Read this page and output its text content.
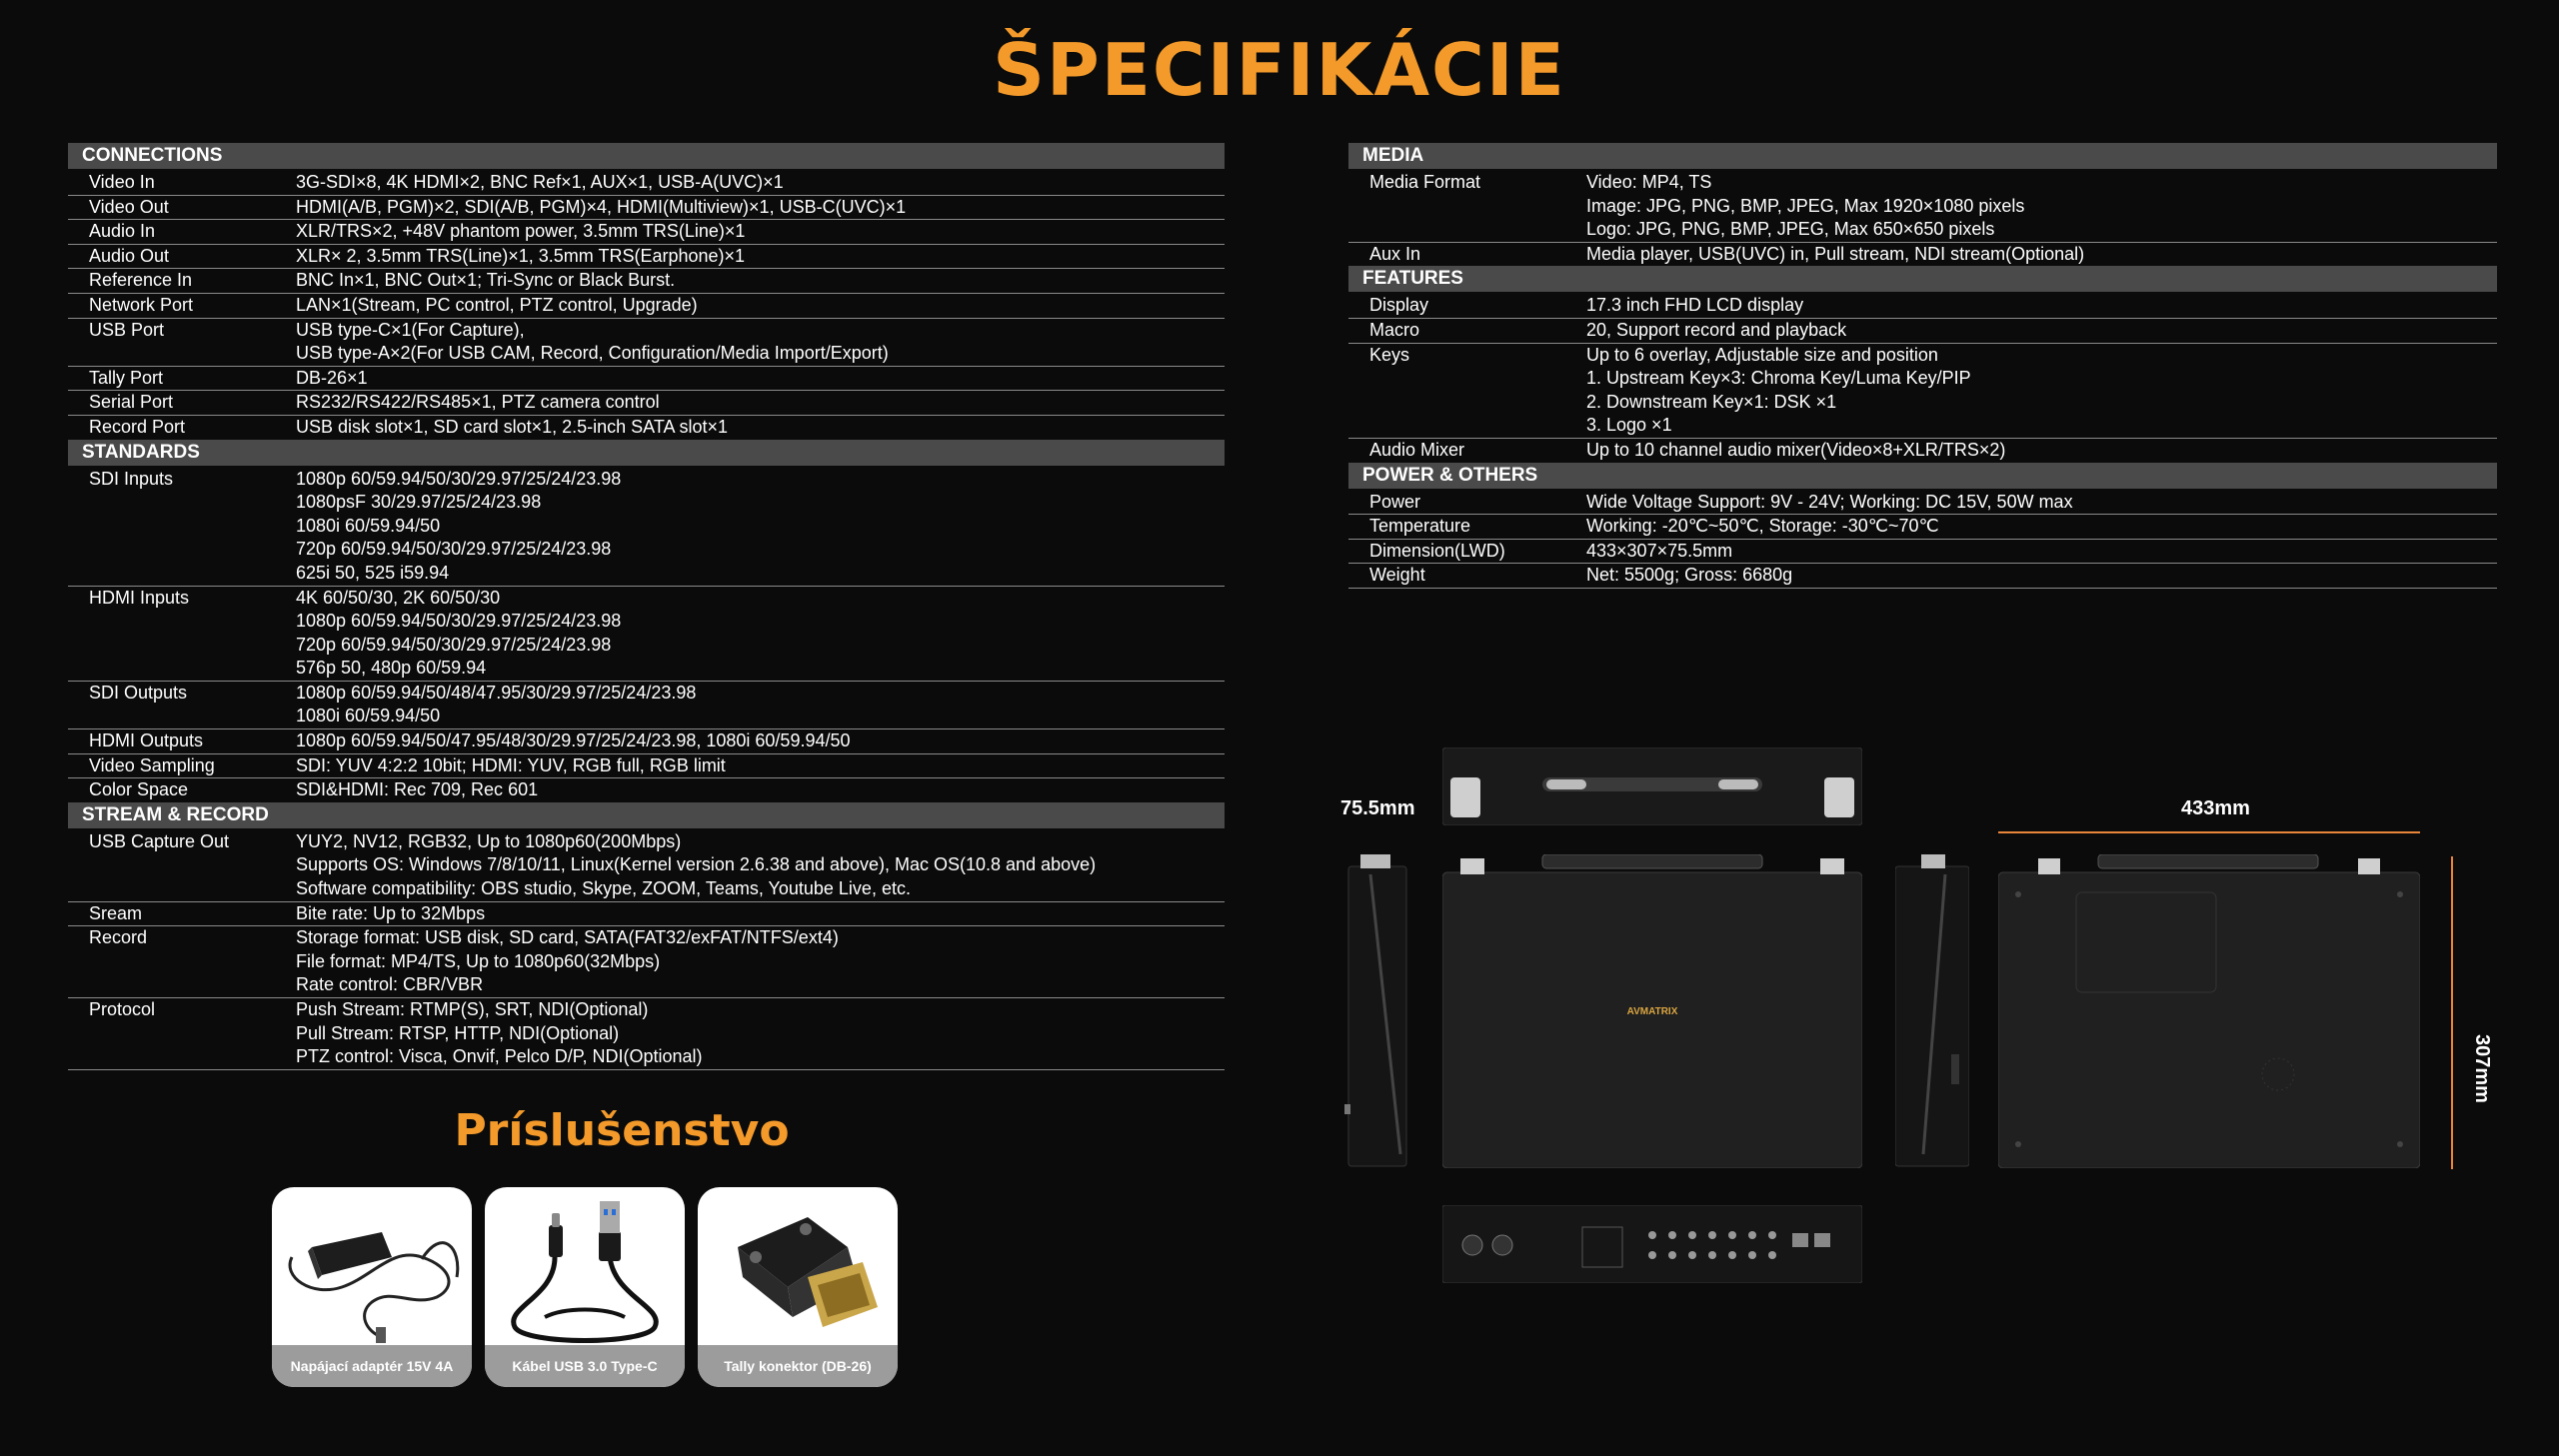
ŠPECIFIKÁCIE
CONNECTIONS
Video In	3G-SDI×8, 4K HDMI×2, BNC Ref×1, AUX×1, USB-A(UVC)×1
Video Out	HDMI(A/B, PGM)×2, SDI(A/B, PGM)×4, HDMI(Multiview)×1, USB-C(UVC)×1
Audio In	XLR/TRS×2, +48V phantom power, 3.5mm TRS(Line)×1
Audio Out	XLR× 2, 3.5mm TRS(Line)×1, 3.5mm TRS(Earphone)×1
Reference In	BNC In×1, BNC Out×1; Tri-Sync or Black Burst.
Network Port	LAN×1(Stream, PC control, PTZ control, Upgrade)
USB Port	USB type-C×1(For Capture),
USB type-A×2(For USB CAM, Record, Configuration/Media Import/Export)
Tally Port	DB-26×1
Serial Port	RS232/RS422/RS485×1, PTZ camera control
Record Port	USB disk slot×1, SD card slot×1, 2.5-inch SATA slot×1
STANDARDS
SDI Inputs	1080p 60/59.94/50/30/29.97/25/24/23.98
1080psF 30/29.97/25/24/23.98
1080i 60/59.94/50
720p 60/59.94/50/30/29.97/25/24/23.98
625i 50, 525 i59.94
HDMI Inputs	4K 60/50/30, 2K 60/50/30
1080p 60/59.94/50/30/29.97/25/24/23.98
720p 60/59.94/50/30/29.97/25/24/23.98
576p 50, 480p 60/59.94
SDI Outputs	1080p 60/59.94/50/48/47.95/30/29.97/25/24/23.98
1080i 60/59.94/50
HDMI Outputs	1080p 60/59.94/50/47.95/48/30/29.97/25/24/23.98, 1080i 60/59.94/50
Video Sampling	SDI: YUV 4:2:2 10bit; HDMI: YUV, RGB full, RGB limit
Color Space	SDI&HDMI: Rec 709, Rec 601
STREAM & RECORD
USB Capture Out	YUY2, NV12, RGB32, Up to 1080p60(200Mbps)
Supports OS: Windows 7/8/10/11, Linux(Kernel version 2.6.38 and above), Mac OS(10.8 and above)
Software compatibility: OBS studio, Skype, ZOOM, Teams, Youtube Live, etc.
Sream	Bite rate: Up to 32Mbps
Record	Storage format: USB disk, SD card, SATA(FAT32/exFAT/NTFS/ext4)
File format: MP4/TS, Up to 1080p60(32Mbps)
Rate control: CBR/VBR
Protocol	Push Stream: RTMP(S), SRT, NDI(Optional)
Pull Stream: RTSP, HTTP, NDI(Optional)
PTZ control: Visca, Onvif, Pelco D/P, NDI(Optional)
MEDIA
Media Format	Video: MP4, TS
Image: JPG, PNG, BMP, JPEG, Max 1920×1080 pixels
Logo: JPG, PNG, BMP, JPEG, Max 650×650 pixels
Aux In	Media player, USB(UVC) in, Pull stream, NDI stream(Optional)
FEATURES
Display	17.3 inch FHD LCD display
Macro	20, Support record and playback
Keys	Up to 6 overlay, Adjustable size and position
1. Upstream Key×3: Chroma Key/Luma Key/PIP
2. Downstream Key×1: DSK ×1
3. Logo ×1
Audio Mixer	Up to 10 channel audio mixer(Video×8+XLR/TRS×2)
POWER & OTHERS
Power	Wide Voltage Support: 9V - 24V; Working: DC 15V, 50W max
Temperature	Working: -20℃~50℃, Storage: -30℃~70℃
Dimension(LWD)	433×307×75.5mm
Weight	Net: 5500g; Gross: 6680g
Príslušenstvo
Napájací adaptér 15V 4A	Kábel USB 3.0 Type-C	Tally konektor (DB-26)
75.5mm	433mm
307mm
AVMATRIX
